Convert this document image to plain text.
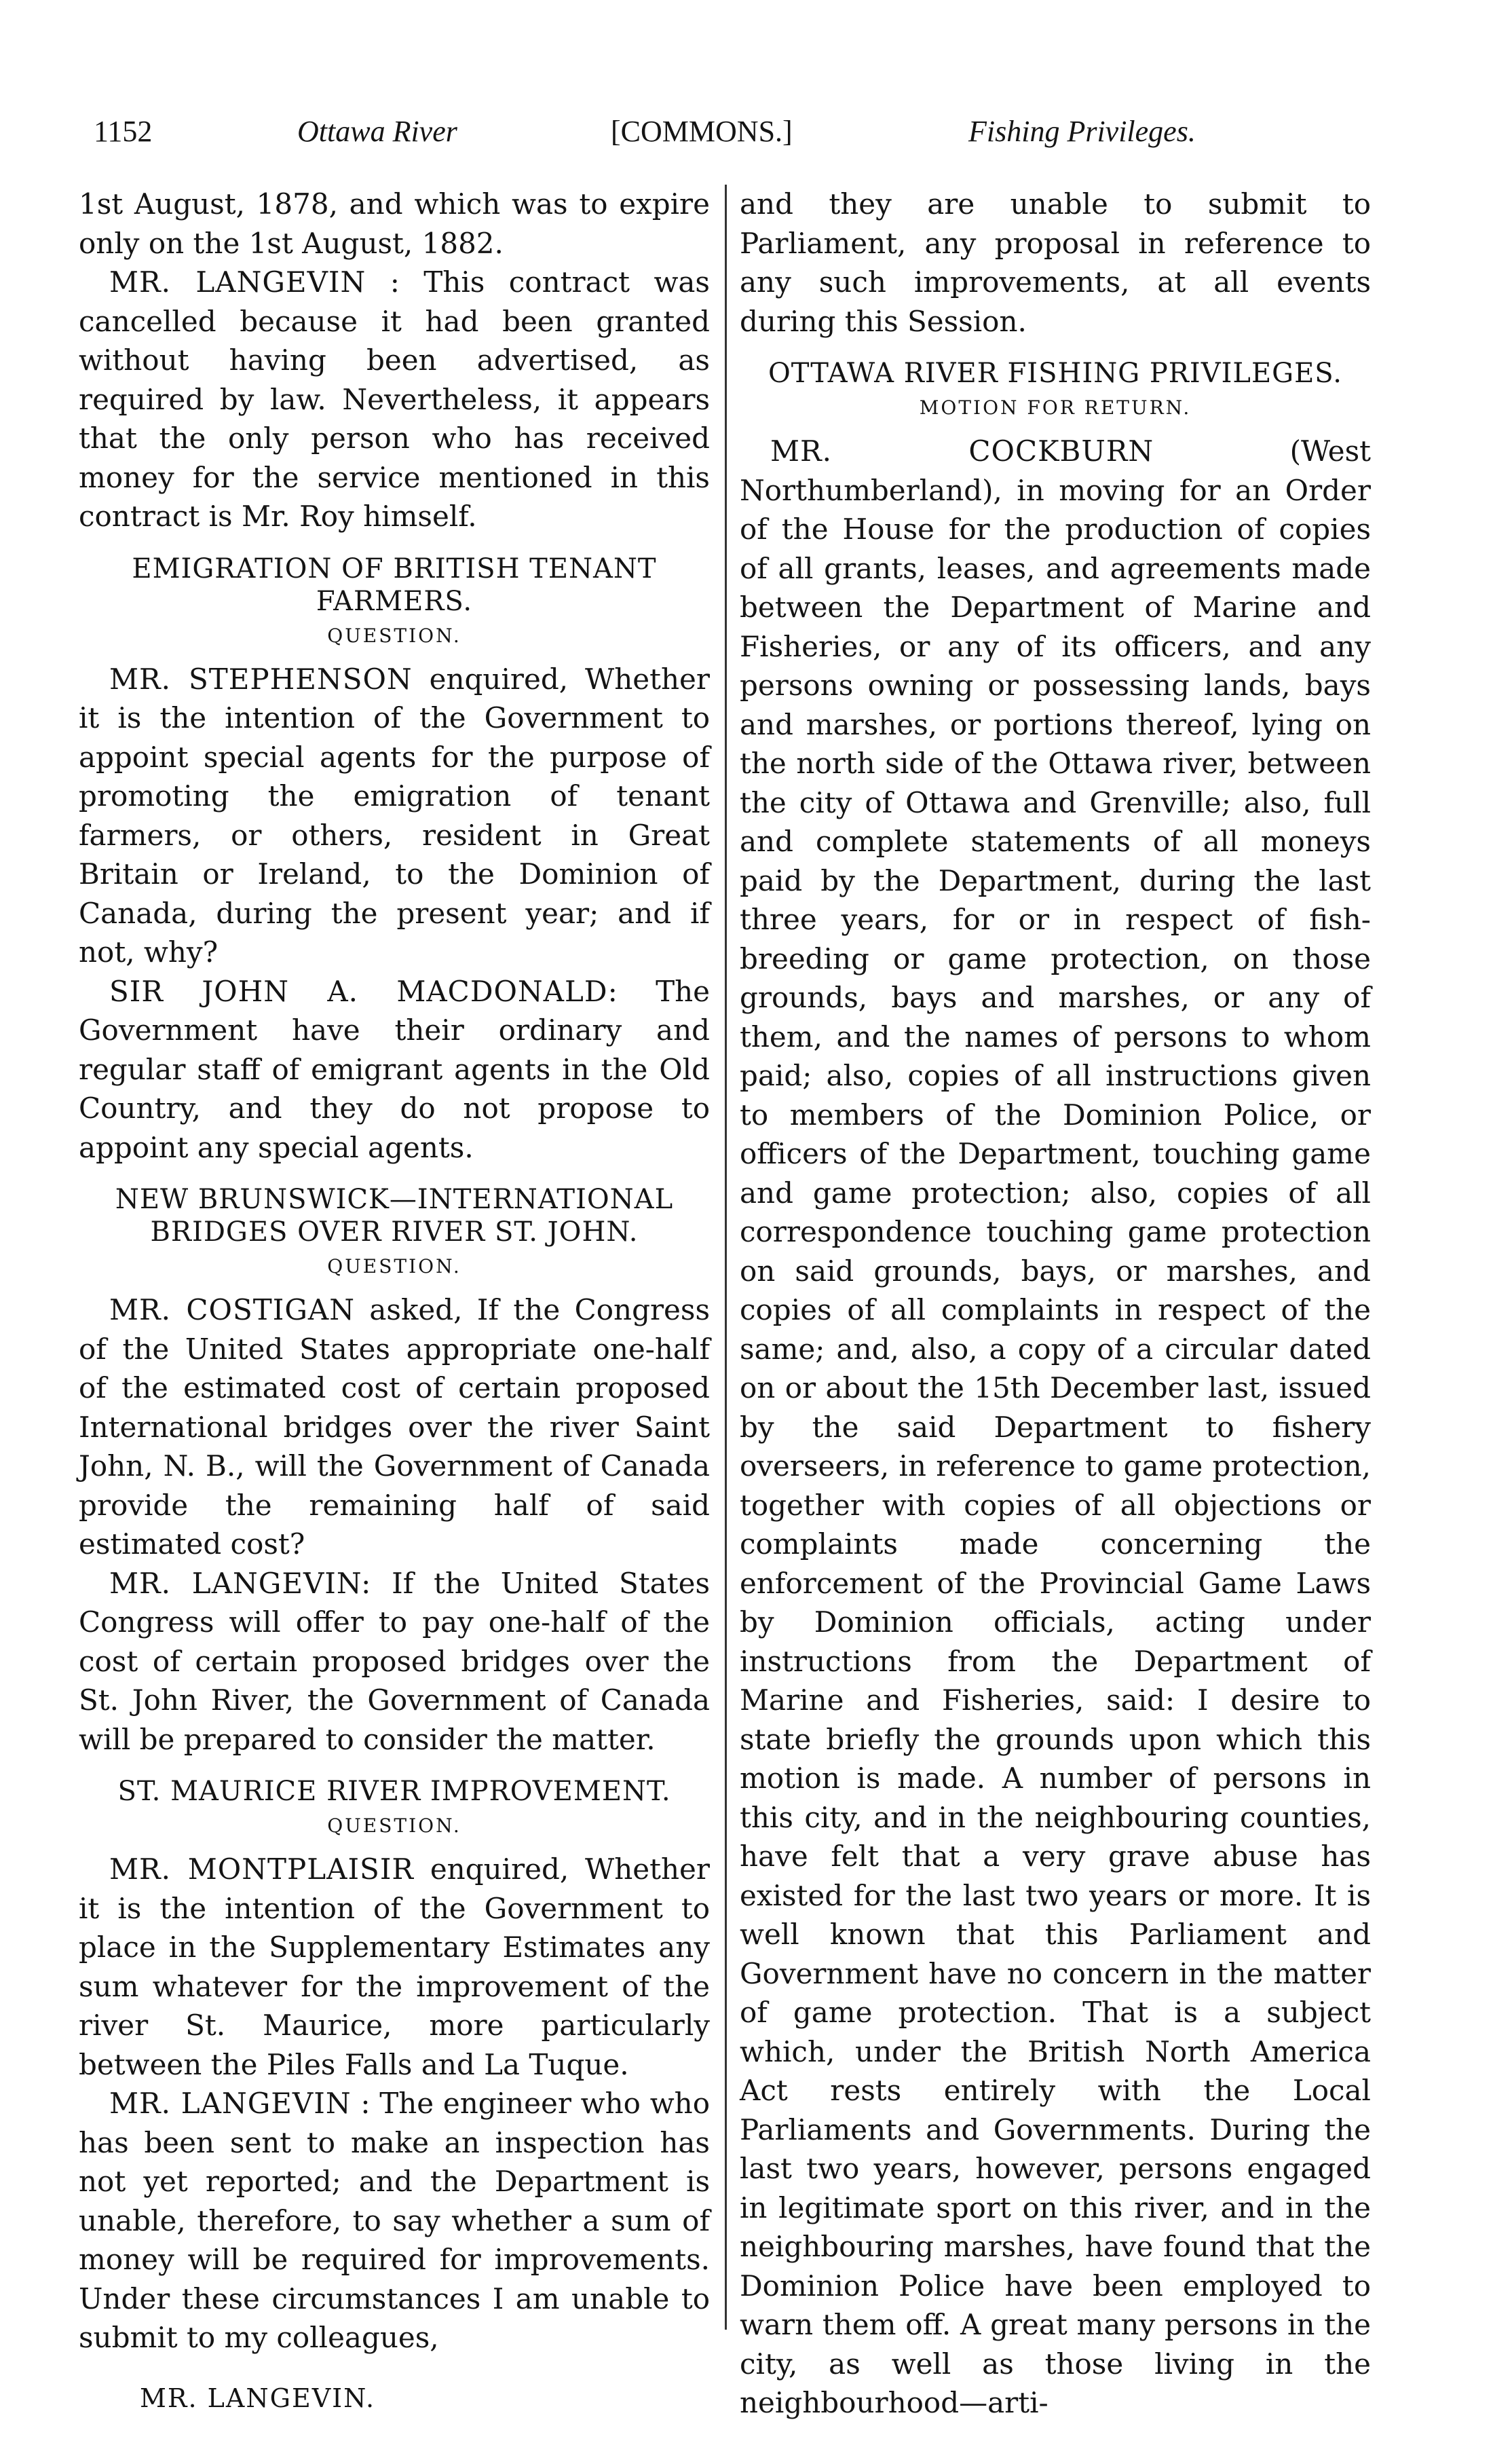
1152	Ottawa River	[COMMONS.]	Fishing Privileges.

1st August, 1878, and which was to expire only on the 1st August, 1882.

MR. LANGEVIN : This contract was cancelled because it had been granted without having been advertised, as required by law. Nevertheless, it appears that the only person who has received money for the service mentioned in this contract is Mr. Roy himself.

EMIGRATION OF BRITISH TENANT FARMERS.
QUESTION.

MR. STEPHENSON enquired, Whether it is the intention of the Government to appoint special agents for the purpose of promoting the emigration of tenant farmers, or others, resident in Great Britain or Ireland, to the Dominion of Canada, during the present year; and if not, why?

SIR JOHN A. MACDONALD: The Government have their ordinary and regular staff of emigrant agents in the Old Country, and they do not propose to appoint any special agents.

NEW BRUNSWICK—INTERNATIONAL BRIDGES OVER RIVER ST. JOHN.
QUESTION.

MR. COSTIGAN asked, If the Congress of the United States appropriate one-half of the estimated cost of certain proposed International bridges over the river Saint John, N. B., will the Government of Canada provide the remaining half of said estimated cost?

MR. LANGEVIN: If the United States Congress will offer to pay one-half of the cost of certain proposed bridges over the St. John River, the Government of Canada will be prepared to consider the matter.

ST. MAURICE RIVER IMPROVEMENT.
QUESTION.

MR. MONTPLAISIR enquired, Whether it is the intention of the Government to place in the Supplementary Estimates any sum whatever for the improvement of the river St. Maurice, more particularly between the Piles Falls and La Tuque.

MR. LANGEVIN : The engineer who who has been sent to make an inspection has not yet reported; and the Department is unable, therefore, to say whether a sum of money will be required for improvements. Under these circumstances I am unable to submit to my colleagues,

MR. LANGEVIN.

and they are unable to submit to Parliament, any proposal in reference to any such improvements, at all events during this Session.

OTTAWA RIVER FISHING PRIVILEGES.
MOTION FOR RETURN.

MR. COCKBURN	(West Northumberland), in moving for an Order of the House for the production of copies of all grants, leases, and agreements made between the Department of Marine and Fisheries, or any of its officers, and any persons owning or possessing lands, bays and marshes, or portions thereof, lying on the north side of the Ottawa river, between the city of Ottawa and Grenville; also, full and complete statements of all moneys paid by the Department, during the last three years, for or in respect of fish-breeding or game protection, on those grounds, bays and marshes, or any of them, and the names of persons to whom paid; also, copies of all instructions given to members of the Dominion Police, or officers of the Department, touching game and game protection; also, copies of all correspondence touching game protection on said grounds, bays, or marshes, and copies of all complaints in respect of the same; and, also, a copy of a circular dated on or about the 15th December last, issued by the said Department to fishery overseers, in reference to game protection, together with copies of all objections or complaints made concerning the enforcement of the Provincial Game Laws by Dominion officials, acting under instructions from the Department of Marine and Fisheries, said: I desire to state briefly the grounds upon which this motion is made. A number of persons in this city, and in the neighbouring counties, have felt that a very grave abuse has existed for the last two years or more. It is well known that this Parliament and Government have no concern in the matter of game protection. That is a subject which, under the British North America Act rests entirely with the Local Parliaments and Governments. During the last two years, however, persons engaged in legitimate sport on this river, and in the neighbouring marshes, have found that the Dominion Police have been employed to warn them off. A great many persons in the city, as well as those living in the neighbourhood—arti-
